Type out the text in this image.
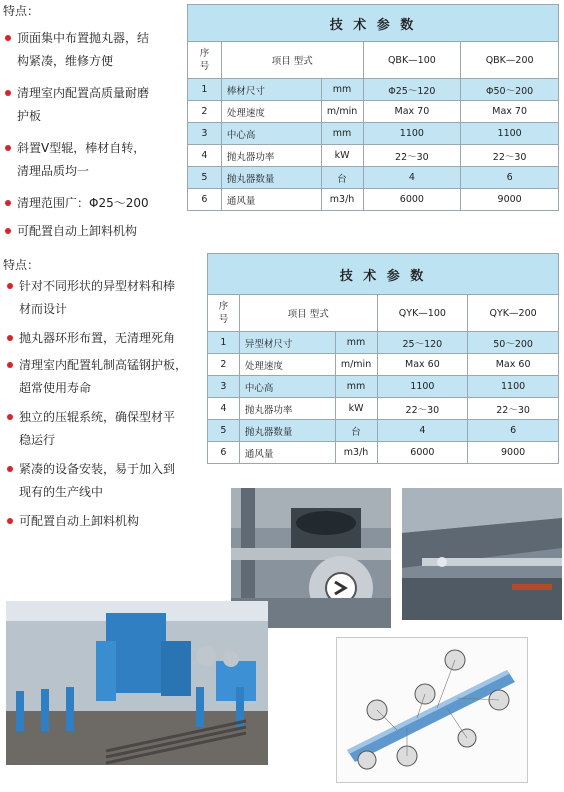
特点：
顶面集中布置抛丸器，结
构紧凑，维修方便
清理室内配置高质量耐磨
护板
斜置V型辊，棒材自转，
清理品质均一
清理范围广：Φ25～200
可配置自动上卸料机构
技 术 参 数				
序
号	项目 型式		QBK—100	QBK—200
1	棒材尺寸	mm	Φ25～120	Φ50～200
2	处理速度	m/min	Max 70	Max 70
3	中心高	mm	1100	1100
4	抛丸器功率	kW	22～30	22～30
5	抛丸器数量	台	4	6
6	通风量	m3/h	6000	9000
特点：
针对不同形状的异型材料和棒
材而设计
抛丸器环形布置，无清理死角
清理室内配置轧制高锰钢护板，
超常使用寿命
独立的压辊系统，确保型材平
稳运行
紧凑的设备安装，易于加入到
现有的生产线中
可配置自动上卸料机构
技 术 参 数				
序
号	项目 型式		QYK—100	QYK—200
1	异型材尺寸	mm	25～120	50～200
2	处理速度	m/min	Max 60	Max 60
3	中心高	mm	1100	1100
4	抛丸器功率	kW	22～30	22～30
5	抛丸器数量	台	4	6
6	通风量	m3/h	6000	9000
